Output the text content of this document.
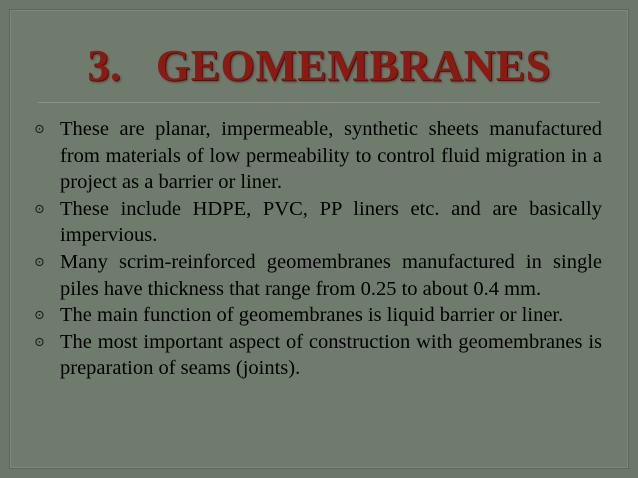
3.   GEOMEMBRANES
⊙ These are planar, impermeable, synthetic sheets manufactured from materials of low permeability to control fluid migration in a project as a barrier or liner.
⊙ These include HDPE, PVC, PP liners etc. and are basically impervious.
⊙ Many scrim-reinforced geomembranes manufactured in single piles have thickness that range from 0.25 to about 0.4 mm.
⊙ The main function of geomembranes is liquid barrier or liner.
⊙ The most important aspect of construction with geomembranes is preparation of seams (joints).
